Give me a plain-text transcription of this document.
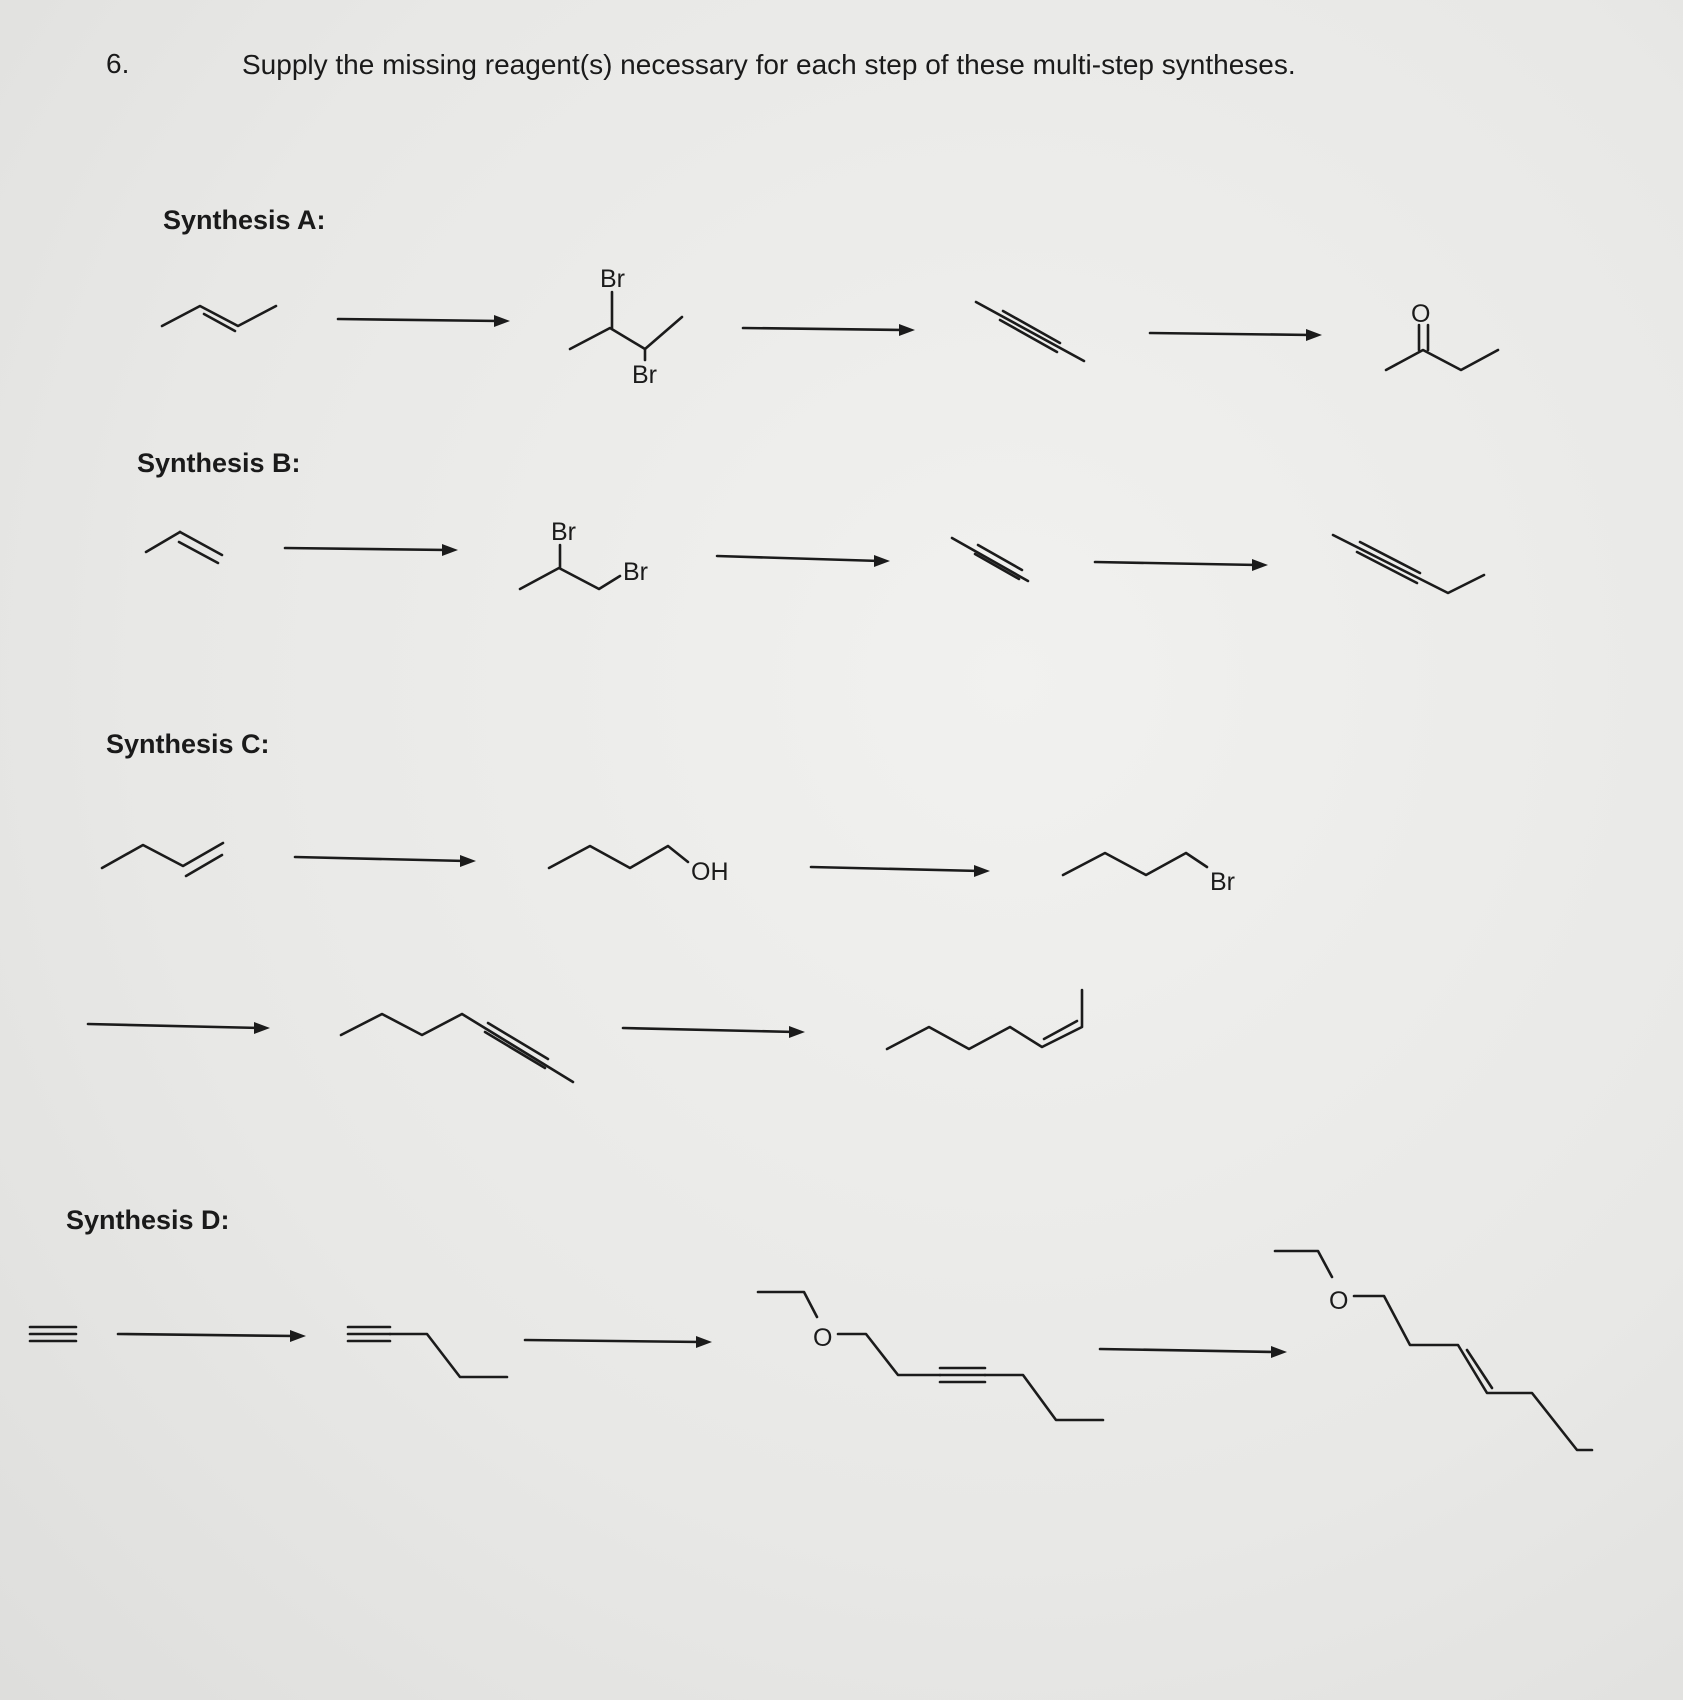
6.	Supply the missing reagent(s) necessary for each step of these multi-step syntheses.
Synthesis A:
Synthesis B:
Synthesis C:
Synthesis D:
Br
Br
O
Br
Br
OH	Br
O
O
